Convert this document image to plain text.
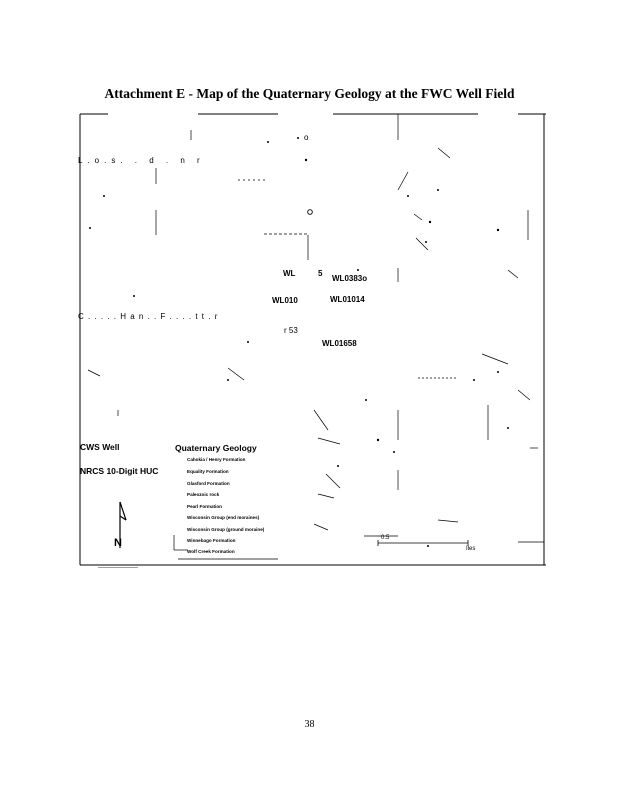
Attachment E - Map of the Quaternary Geology at the FWC Well Field
o
L.o.s. . d . n r
C . . . . . H a n . . F . . . . t t . r
r 53
WL	5
WL0383o
WL010	WL01014
WL01658
CWS Well
NRCS 10-Digit HUC
Quaternary Geology
Cahokia / Henry Formation
Equality Formation
Glasford Formation
Paleozoic rock
Pearl Formation
Wisconsin Group (end moraines)
Wisconsin Group (ground moraine)
Winnebago Formation
Wolf Creek Formation
N	0.5
Iles
38
